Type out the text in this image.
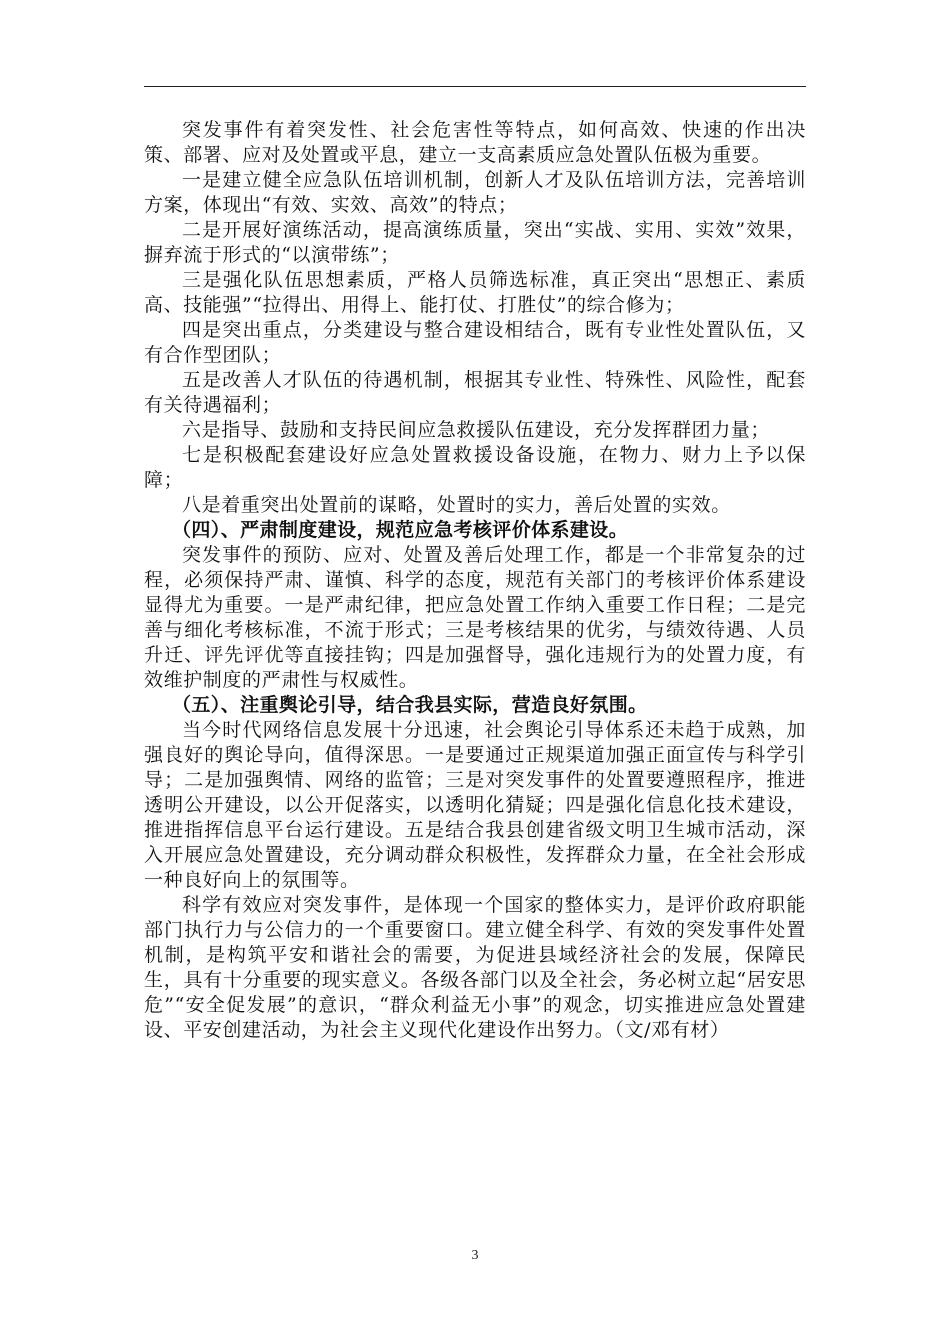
突发事件有着突发性、社会危害性等特点，如何高效、快速的作出决策、部署、应对及处置或平息，建立一支高素质应急处置队伍极为重要。

一是建立健全应急队伍培训机制，创新人才及队伍培训方法，完善培训方案，体现出“有效、实效、高效”的特点；

二是开展好演练活动，提高演练质量，突出“实战、实用、实效”效果，摒弃流于形式的“以演带练”；

三是强化队伍思想素质，严格人员筛选标准，真正突出“思想正、素质高、技能强”“拉得出、用得上、能打仗、打胜仗”的综合修为；

四是突出重点，分类建设与整合建设相结合，既有专业性处置队伍，又有合作型团队；

五是改善人才队伍的待遇机制，根据其专业性、特殊性、风险性，配套有关待遇福利；

六是指导、鼓励和支持民间应急救援队伍建设，充分发挥群团力量；

七是积极配套建设好应急处置救援设备设施，在物力、财力上予以保障；

八是着重突出处置前的谋略，处置时的实力，善后处置的实效。

（四）、严肃制度建设，规范应急考核评价体系建设。

突发事件的预防、应对、处置及善后处理工作，都是一个非常复杂的过程，必须保持严肃、谨慎、科学的态度，规范有关部门的考核评价体系建设显得尤为重要。一是严肃纪律，把应急处置工作纳入重要工作日程；二是完善与细化考核标准，不流于形式；三是考核结果的优劣，与绩效待遇、人员升迁、评先评优等直接挂钩；四是加强督导，强化违规行为的处置力度，有效维护制度的严肃性与权威性。

（五）、注重舆论引导，结合我县实际，营造良好氛围。

当今时代网络信息发展十分迅速，社会舆论引导体系还未趋于成熟，加强良好的舆论导向，值得深思。一是要通过正规渠道加强正面宣传与科学引导；二是加强舆情、网络的监管；三是对突发事件的处置要遵照程序，推进透明公开建设，以公开促落实，以透明化猜疑；四是强化信息化技术建设，推进指挥信息平台运行建设。五是结合我县创建省级文明卫生城市活动，深入开展应急处置建设，充分调动群众积极性，发挥群众力量，在全社会形成一种良好向上的氛围等。

科学有效应对突发事件，是体现一个国家的整体实力，是评价政府职能部门执行力与公信力的一个重要窗口。建立健全科学、有效的突发事件处置机制，是构筑平安和谐社会的需要，为促进县域经济社会的发展，保障民生，具有十分重要的现实意义。各级各部门以及全社会，务必树立起“居安思危”“安全促发展”的意识，“群众利益无小事”的观念，切实推进应急处置建设、平安创建活动，为社会主义现代化建设作出努力。（文/邓有材）

3
